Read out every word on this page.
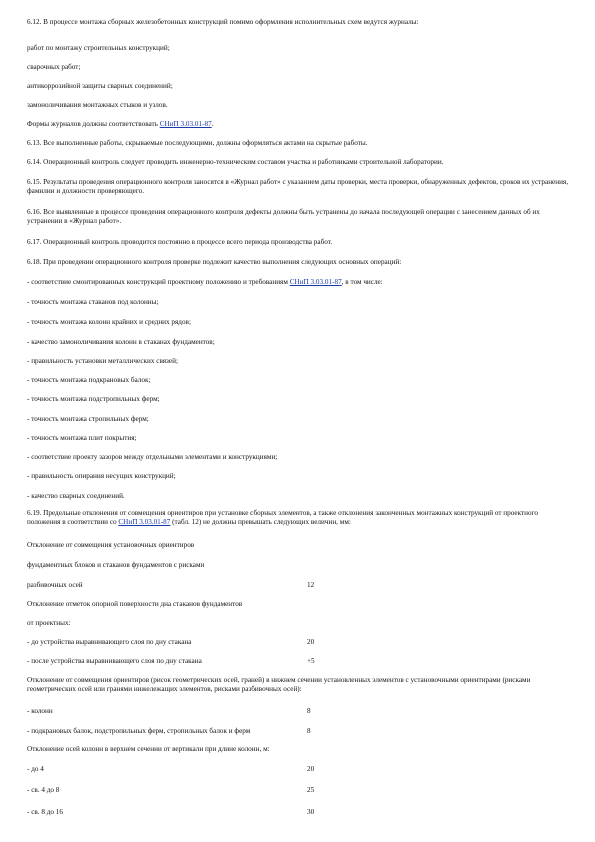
6.12. В процессе монтажа сборных железобетонных конструкций помимо оформления исполнительных схем ведутся журналы:
работ по монтажу строительных конструкций;
сварочных работ;
антикоррозийной защиты сварных соединений;
замоноличивания монтажных стыков и узлов.
Формы журналов должны соответствовать СНиП 3.03.01-87.
6.13. Все выполненные работы, скрываемые последующими, должны оформляться актами на скрытые работы.
6.14. Операционный контроль следует проводить инженерно-техническим составом участка и работниками строительной лаборатории.
6.15. Результаты проведения операционного контроля заносятся в «Журнал работ» с указанием даты проверки, места проверки, обнаруженных дефектов, сроков их устранения, фамилии и должности проверяющего.
6.16. Все выявленные в процессе проведения операционного контроля дефекты должны быть устранены до начала последующей операции с занесением данных об их устранении в «Журнал работ».
6.17. Операционный контроль проводится постоянно в процессе всего периода производства работ.
6.18. При проведении операционного контроля проверке подлежит качество выполнения следующих основных операций:
- соответствие смонтированных конструкций проектному положению и требованиям СНиП 3.03.01-87, в том числе:
- точность монтажа стаканов под колонны;
- точность монтажа колонн крайних и средних рядов;
- качество замоноличивания колонн в стаканах фундаментов;
- правильность установки металлических связей;
- точность монтажа подкрановых балок;
- точность монтажа подстропильных ферм;
- точность монтажа стропильных ферм;
- точность монтажа плит покрытия;
- соответствие проекту зазоров между отдельными элементами и конструкциями;
- правильность опирания несущих конструкций;
- качество сварных соединений.
6.19. Предельные отклонения от совмещения ориентиров при установке сборных элементов, а также отклонения законченных монтажных конструкций от проектного положения в соответствии со СНиП 3.03.01-87 (табл. 12) не должны превышать следующих величин, мм:
Отклонение от совмещения установочных ориентиров
фундаментных блоков и стаканов фундаментов с рисками
разбивочных осей	12
Отклонение отметок опорной поверхности дна стаканов фундаментов
от проектных:
- до устройства выравнивающего слоя по дну стакана	20
- после устройства выравнивающего слоя по дну стакана	+5
Отклонение от совмещения ориентиров (рисок геометрических осей, граней) в нижнем сечении установленных элементов с установочными ориентирами (рисками геометрических осей или гранями нижележащих элементов, рисками разбивочных осей):
- колонн	8
- подкрановых балок, подстропильных ферм, стропильных балок и ферм	8
Отклонение осей колонн в верхнем сечении от вертикали при длине колонн, м:
- до 4	20
- св. 4 до 8	25
- св. 8 до 16	30
